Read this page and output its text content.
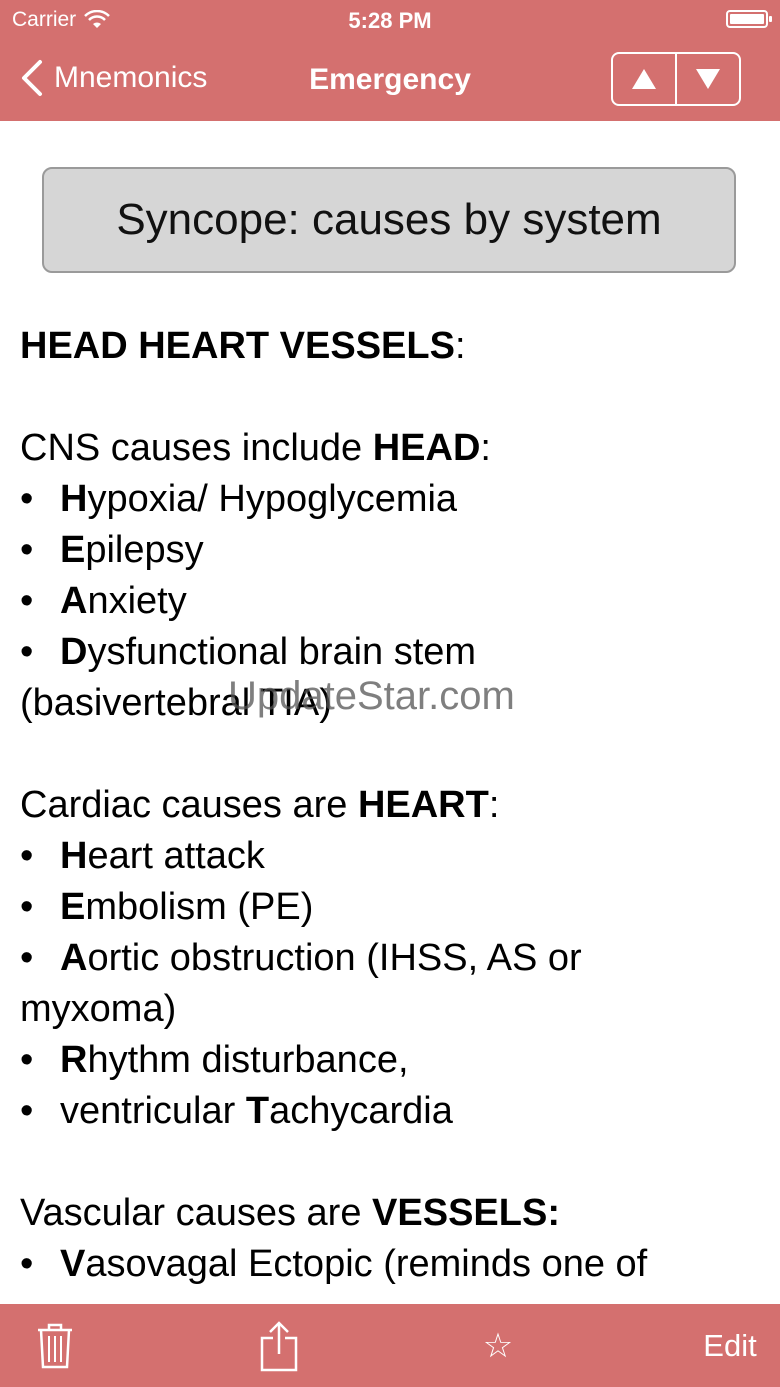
Carrier	5:28 PM
Mnemonics	Emergency
Syncope: causes by system

HEAD HEART VESSELS:

CNS causes include HEAD:

• Hypoxia/ Hypoglycemia
• Epilepsy
• Anxiety
• Dysfunctional brain stem

(basivertebral TIA)

Cardiac causes are HEART:

• Heart attack
• Embolism (PE)
• Aortic obstruction (IHSS, AS or

myxoma)

• Rhythm disturbance,
• ventricular Tachycardia

Vascular causes are VESSELS:

• Vasovagal Ectopic (reminds one of
UpdateStar.com
☆	Edit
